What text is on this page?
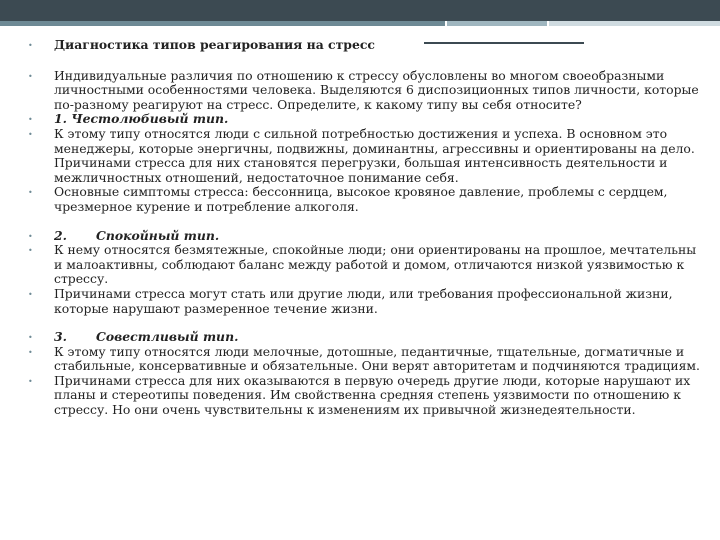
• Диагностика типов реагирования на стресс

• Индивидуальные различия по отношению к стрессу обусловлены во многом своеобразными личностными особенностями человека. Выделяются 6 диспозиционных типов личности, которые по-разному реагируют на стресс. Определите, к какому типу вы себя относите?

• 1. Честолюбивый тип.

• К этому типу относятся люди с сильной потребностью достижения и успеха. В основном это менеджеры, которые энергичны, подвижны, доминантны, агрессивны и ориентированы на дело. Причинами стресса для них становятся перегрузки, большая интенсивность деятельности и межличностных отношений, недостаточное понимание себя.

• Основные симптомы стресса: бессонница, высокое кровяное давление, проблемы с сердцем, чрезмерное курение и потребление алкоголя.

• 2. Спокойный тип.

• К нему относятся безмятежные, спокойные люди; они ориентированы на прошлое, мечтательны и малоактивны, соблюдают баланс между работой и домом, отличаются низкой уязвимостью к стрессу.

• Причинами стресса могут стать или другие люди, или требования профессиональной жизни, которые нарушают размеренное течение жизни.

• 3. Совестливый тип.

• К этому типу относятся люди мелочные, дотошные, педантичные, тщательные, догматичные и стабильные, консервативные и обязательные. Они верят авторитетам и подчиняются традициям.

• Причинами стресса для них оказываются в первую очередь другие люди, которые нарушают их планы и стереотипы поведения. Им свойственна средняя степень уязвимости по отношению к стрессу. Но они очень чувствительны к изменениям их привычной жизнедеятельности.
